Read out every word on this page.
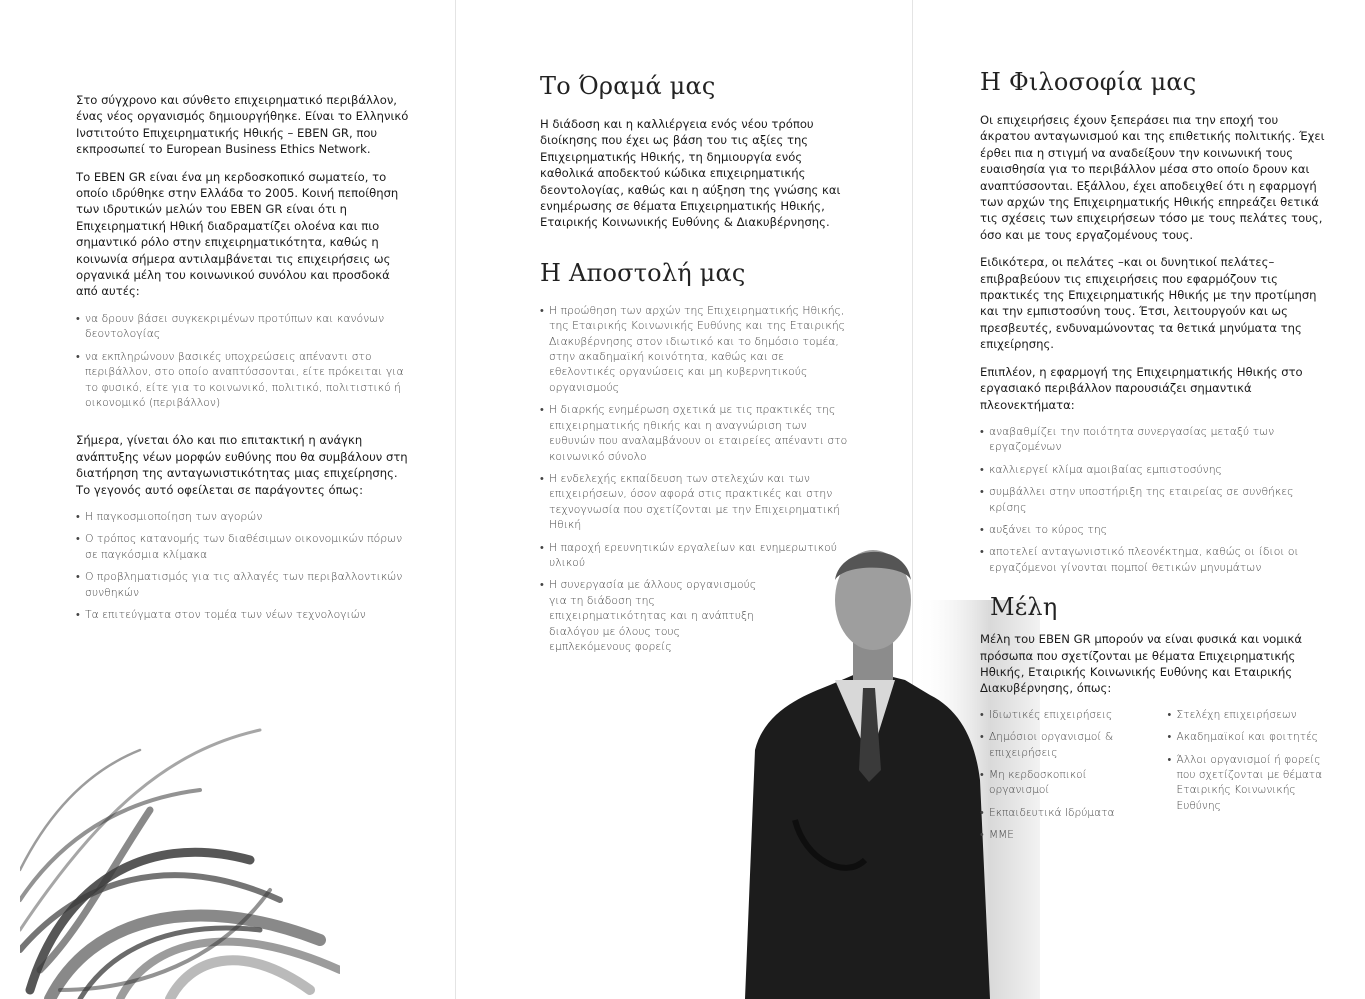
Στο σύγχρονο και σύνθετο επιχειρηματικό περιβάλλον, ένας νέος οργανισμός δημιουργήθηκε. Είναι το Ελληνικό Ινστιτούτο Επιχειρηματικής Ηθικής – EBEN GR, που εκπροσωπεί το European Business Ethics Network.

Το EBEN GR είναι ένα μη κερδοσκοπικό σωματείο, το οποίο ιδρύθηκε στην Ελλάδα το 2005. Κοινή πεποίθηση των ιδρυτικών μελών του EBEN GR είναι ότι η Επιχειρηματική Ηθική διαδραματίζει ολοένα και πιο σημαντικό ρόλο στην επιχειρηματικότητα, καθώς η κοινωνία σήμερα αντιλαμβάνεται τις επιχειρήσεις ως οργανικά μέλη του κοινωνικού συνόλου και προσδοκά από αυτές:

• να δρουν βάσει συγκεκριμένων προτύπων και κανόνων δεοντολογίας
• να εκπληρώνουν βασικές υποχρεώσεις απέναντι στο περιβάλλον, στο οποίο αναπτύσσονται, είτε πρόκειται για το φυσικό, είτε για το κοινωνικό, πολιτικό, πολιτιστικό ή οικονομικό (περιβάλλον)

Σήμερα, γίνεται όλο και πιο επιτακτική η ανάγκη ανάπτυξης νέων μορφών ευθύνης που θα συμβάλουν στη διατήρηση της ανταγωνιστικότητας μιας επιχείρησης. Το γεγονός αυτό οφείλεται σε παράγοντες όπως:

• Η παγκοσμιοποίηση των αγορών
• Ο τρόπος κατανομής των διαθέσιμων οικονομικών πόρων σε παγκόσμια κλίμακα
• Ο προβληματισμός για τις αλλαγές των περιβαλλοντικών συνθηκών
• Τα επιτεύγματα στον τομέα των νέων τεχνολογιών
Το Όραμά μας

Η διάδοση και η καλλιέργεια ενός νέου τρόπου διοίκησης που έχει ως βάση του τις αξίες της Επιχειρηματικής Ηθικής, τη δημιουργία ενός καθολικά αποδεκτού κώδικα επιχειρηματικής δεοντολογίας, καθώς και η αύξηση της γνώσης και ενημέρωσης σε θέματα Επιχειρηματικής Ηθικής, Εταιρικής Κοινωνικής Ευθύνης & Διακυβέρνησης.

Η Αποστολή μας
• Η προώθηση των αρχών της Επιχειρηματικής Ηθικής, της Εταιρικής Κοινωνικής Ευθύνης και της Εταιρικής Διακυβέρνησης στον ιδιωτικό και το δημόσιο τομέα, στην ακαδημαϊκή κοινότητα, καθώς και σε εθελοντικές οργανώσεις και μη κυβερνητικούς οργανισμούς
• Η διαρκής ενημέρωση σχετικά με τις πρακτικές της επιχειρηματικής ηθικής και η αναγνώριση των ευθυνών που αναλαμβάνουν οι εταιρείες απέναντι στο κοινωνικό σύνολο
• Η ενδελεχής εκπαίδευση των στελεχών και των επιχειρήσεων, όσον αφορά στις πρακτικές και στην τεχνογνωσία που σχετίζονται με την Επιχειρηματική Ηθική
• Η παροχή ερευνητικών εργαλείων και ενημερωτικού υλικού
• Η συνεργασία με άλλους οργανισμούς για τη διάδοση της επιχειρηματικότητας και η ανάπτυξη διαλόγου με όλους τους εμπλεκόμενους φορείς
Η Φιλοσοφία μας

Οι επιχειρήσεις έχουν ξεπεράσει πια την εποχή του άκρατου ανταγωνισμού και της επιθετικής πολιτικής. Έχει έρθει πια η στιγμή να αναδείξουν την κοινωνική τους ευαισθησία για το περιβάλλον μέσα στο οποίο δρουν και αναπτύσσονται. Εξάλλου, έχει αποδειχθεί ότι η εφαρμογή των αρχών της Επιχειρηματικής Ηθικής επηρεάζει θετικά τις σχέσεις των επιχειρήσεων τόσο με τους πελάτες τους, όσο και με τους εργαζομένους τους.

Ειδικότερα, οι πελάτες –και οι δυνητικοί πελάτες– επιβραβεύουν τις επιχειρήσεις που εφαρμόζουν τις πρακτικές της Επιχειρηματικής Ηθικής με την προτίμηση και την εμπιστοσύνη τους. Έτσι, λειτουργούν και ως πρεσβευτές, ενδυναμώνοντας τα θετικά μηνύματα της επιχείρησης.

Επιπλέον, η εφαρμογή της Επιχειρηματικής Ηθικής στο εργασιακό περιβάλλον παρουσιάζει σημαντικά πλεονεκτήματα:

• αναβαθμίζει την ποιότητα συνεργασίας μεταξύ των εργαζομένων
• καλλιεργεί κλίμα αμοιβαίας εμπιστοσύνης
• συμβάλλει στην υποστήριξη της εταιρείας σε συνθήκες κρίσης
• αυξάνει το κύρος της
• αποτελεί ανταγωνιστικό πλεονέκτημα, καθώς οι ίδιοι οι εργαζόμενοι γίνονται πομποί θετικών μηνυμάτων
Μέλη

Μέλη του EBEN GR μπορούν να είναι φυσικά και νομικά πρόσωπα που σχετίζονται με θέματα Επιχειρηματικής Ηθικής, Εταιρικής Κοινωνικής Ευθύνης και Εταιρικής Διακυβέρνησης, όπως:

• Ιδιωτικές επιχειρήσεις
• Δημόσιοι οργανισμοί & επιχειρήσεις
• Μη κερδοσκοπικοί οργανισμοί
• Εκπαιδευτικά Ιδρύματα
• ΜΜΕ
• Στελέχη επιχειρήσεων
• Ακαδημαϊκοί και φοιτητές
• Άλλοι οργανισμοί ή φορείς που σχετίζονται με θέματα Εταιρικής Κοινωνικής Ευθύνης
